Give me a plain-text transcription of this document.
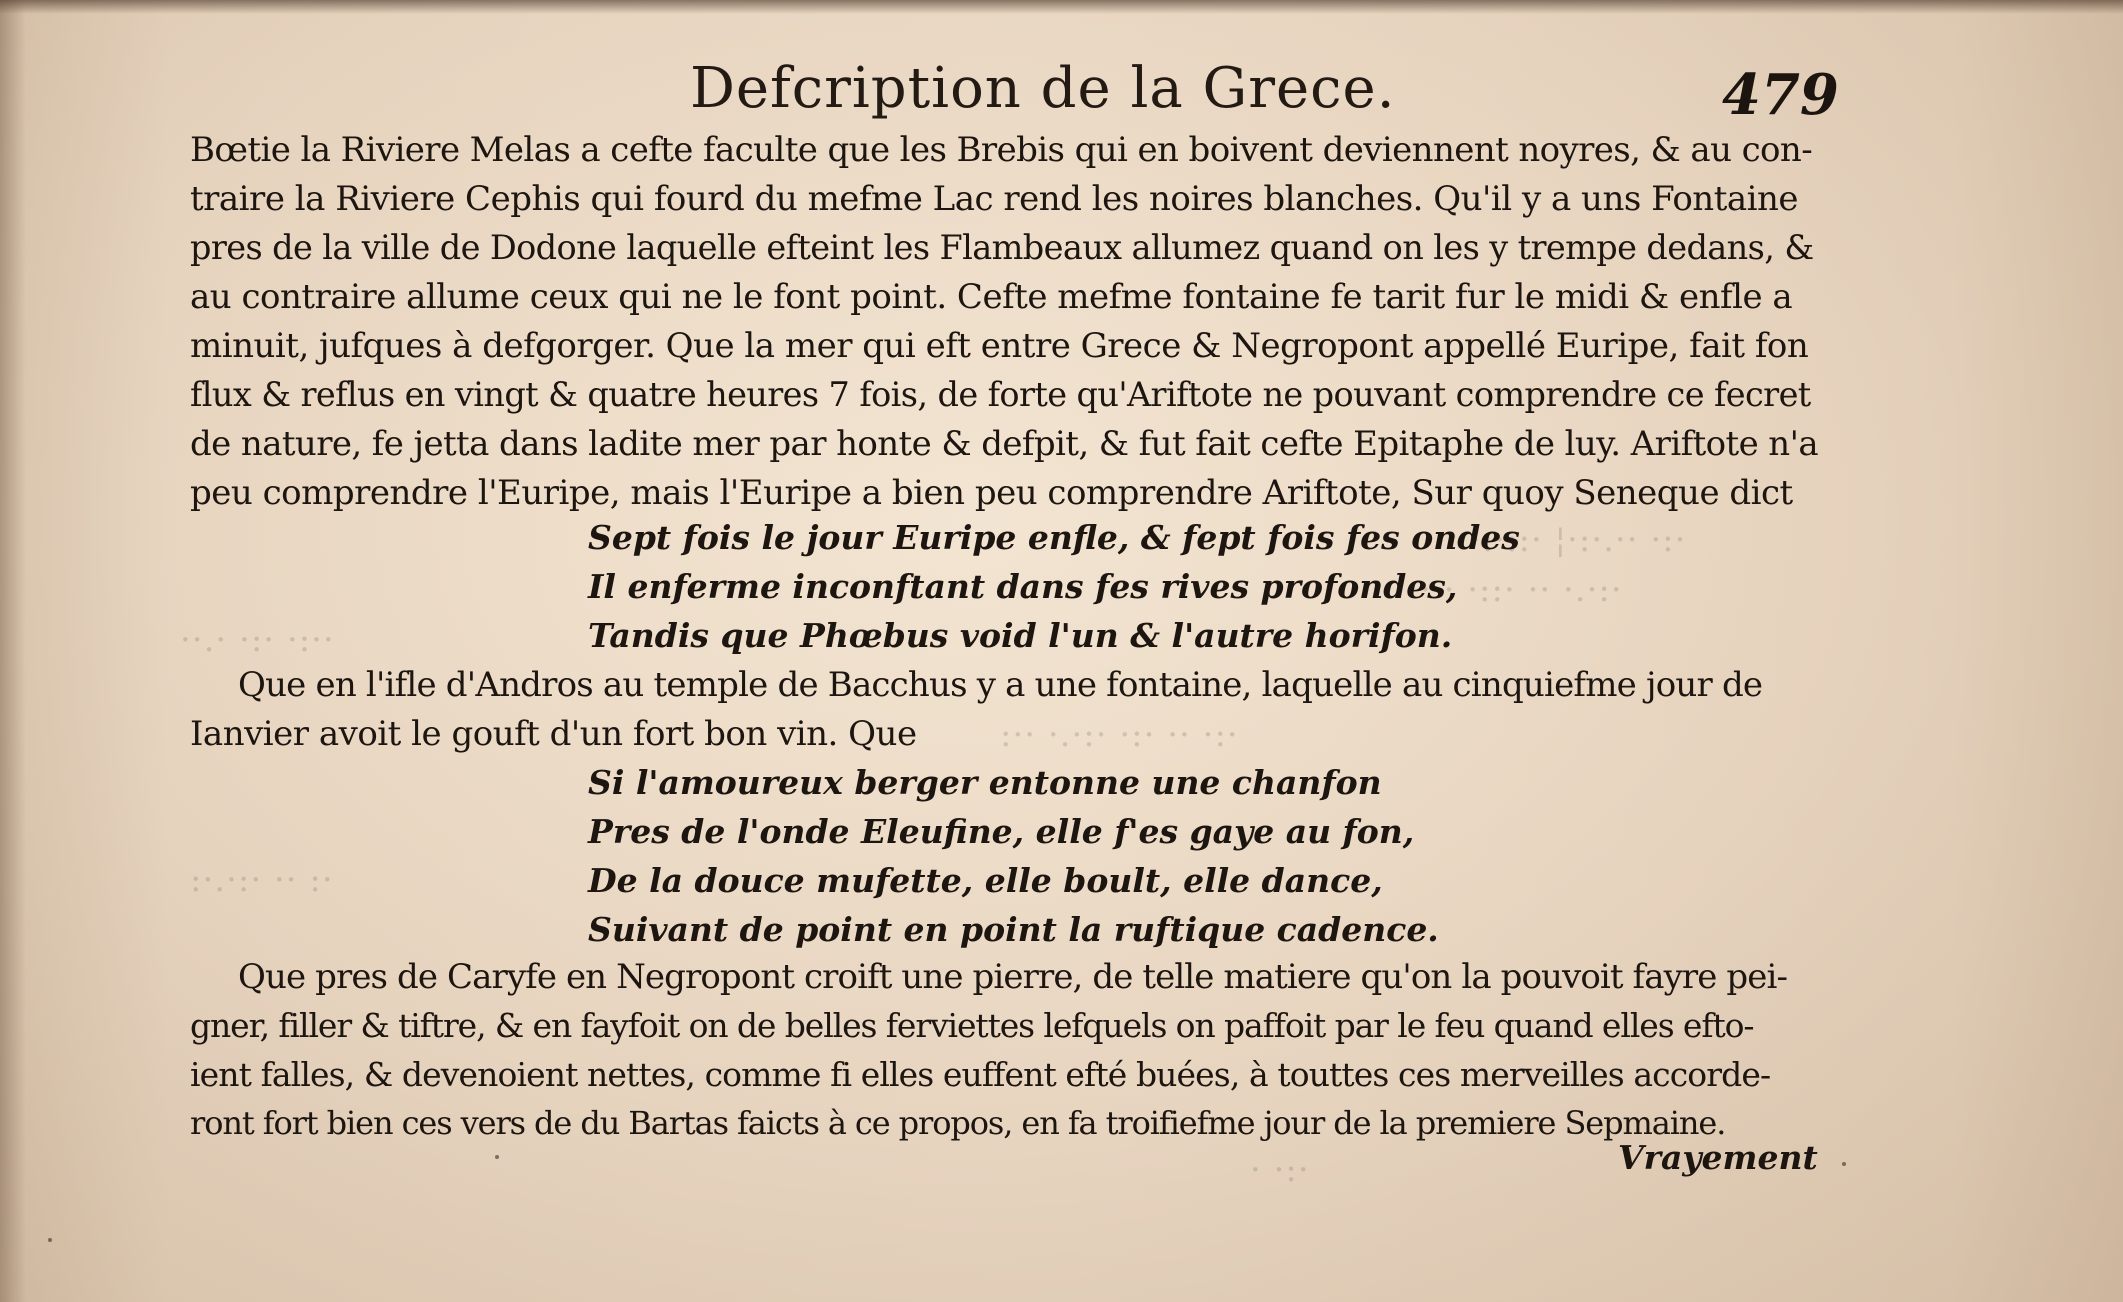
·:·::· ¦·:·.·· ·:·
··· ·::· ·· ·.·:·
··.· ·:· ·:··
:·· ·.·:· ·:· ·· ·:·
:·.·:· ·· :·
· ·:·
Defcription de la Grece.	479
Bœtie la Riviere Melas a cefte faculte que les Brebis qui en boivent deviennent noyres, & au con-
traire la Riviere Cephis qui fourd du mefme Lac rend les noires blanches. Qu'il y a uns Fontaine
pres de la ville de Dodone laquelle efteint les Flambeaux allumez quand on les y trempe dedans, &
au contraire allume ceux qui ne le font point. Cefte mefme fontaine fe tarit fur le midi & enfle a
minuit, jufques à defgorger. Que la mer qui eft entre Grece & Negropont appellé Euripe, fait fon
flux & reflus en vingt & quatre heures 7 fois, de forte qu'Ariftote ne pouvant comprendre ce fecret
de nature, fe jetta dans ladite mer par honte & defpit, & fut fait cefte Epitaphe de luy. Ariftote n'a
peu comprendre l'Euripe, mais l'Euripe a bien peu comprendre Ariftote, Sur quoy Seneque dict
Sept fois le jour Euripe enfle, & fept fois fes ondes
Il enferme inconftant dans fes rives profondes,
Tandis que Phœbus void l'un & l'autre horifon.
Que en l'ifle d'Andros au temple de Bacchus y a une fontaine, laquelle au cinquiefme jour de
Ianvier avoit le gouft d'un fort bon vin. Que
Si l'amoureux berger entonne une chanfon
Pres de l'onde Eleufine, elle f'es gaye au fon,
De la douce mufette, elle boult, elle dance,
Suivant de point en point la ruftique cadence.
Que pres de Caryfe en Negropont croift une pierre, de telle matiere qu'on la pouvoit fayre pei-
gner, filler & tiftre, & en fayfoit on de belles ferviettes lefquels on paffoit par le feu quand elles efto-
ient falles, & devenoient nettes, comme fi elles euffent efté buées, à touttes ces merveilles accorde-
ront fort bien ces vers de du Bartas faicts à ce propos, en fa troifiefme jour de la premiere Sepmaine.
Vrayement
